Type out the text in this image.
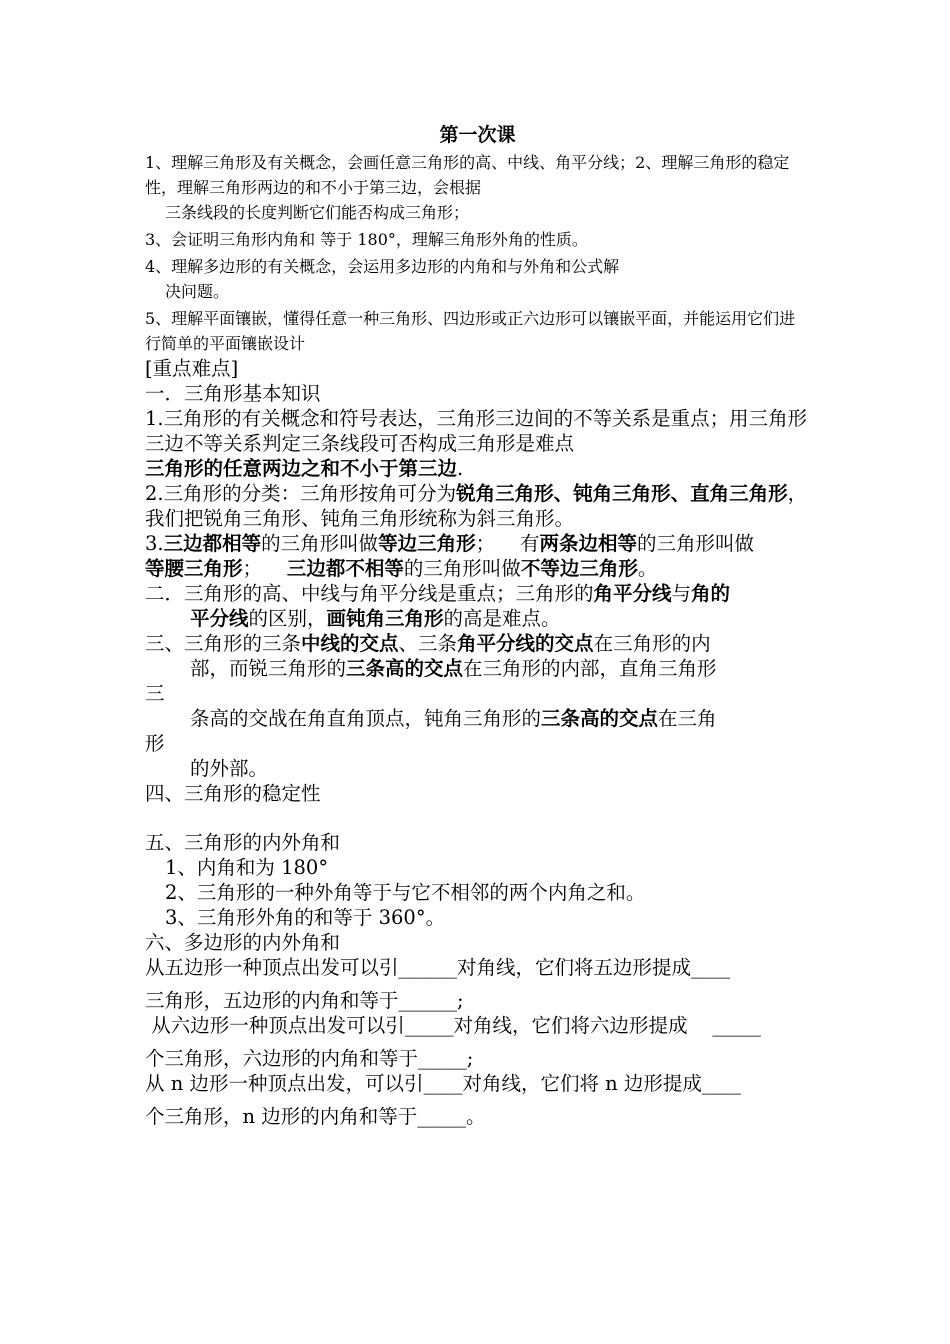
第一次课
1、理解三角形及有关概念，会画任意三角形的高、中线、角平分线；2、理解三角形的稳定性，理解三角形两边的和不小于第三边，会根据
三条线段的长度判断它们能否构成三角形；
3、会证明三角形内角和 等于 180°，理解三角形外角的性质。
4、理解多边形的有关概念，会运用多边形的内角和与外角和公式解
决问题。
5、理解平面镶嵌，懂得任意一种三角形、四边形或正六边形可以镶嵌平面，并能运用它们进行简单的平面镶嵌设计
[重点难点]
一．三角形基本知识
1.三角形的有关概念和符号表达，三角形三边间的不等关系是重点；用三角形三边不等关系判定三条线段可否构成三角形是难点
三角形的任意两边之和不小于第三边.
2.三角形的分类：三角形按角可分为锐角三角形、钝角三角形、直角三角形，我们把锐角三角形、钝角三角形统称为斜三角形。
3.三边都相等的三角形叫做等边三角形；    有两条边相等的三角形叫做
等腰三角形；    三边都不相等的三角形叫做不等边三角形。
二．三角形的高、中线与角平分线是重点；三角形的角平分线与角的
平分线的区别，画钝角三角形的高是难点。
三、三角形的三条中线的交点、三条角平分线的交点在三角形的内
部，而锐三角形的三条高的交点在三角形的内部，直角三角形
三
条高的交战在角直角顶点，钝角三角形的三条高的交点在三角
形
的外部。
四、三角形的稳定性
五、三角形的内外角和
1、内角和为 180°
2、三角形的一种外角等于与它不相邻的两个内角之和。
3、三角形外角的和等于 360°。
六、多边形的内外角和
从五边形一种顶点出发可以引______对角线，它们将五边形提成____
三角形，五边形的内角和等于______;
从六边形一种顶点出发可以引_____对角线，它们将六边形提成    _____
个三角形，六边形的内角和等于_____;
从 n 边形一种顶点出发，可以引____对角线，它们将 n 边形提成____
个三角形，n 边形的内角和等于_____。
